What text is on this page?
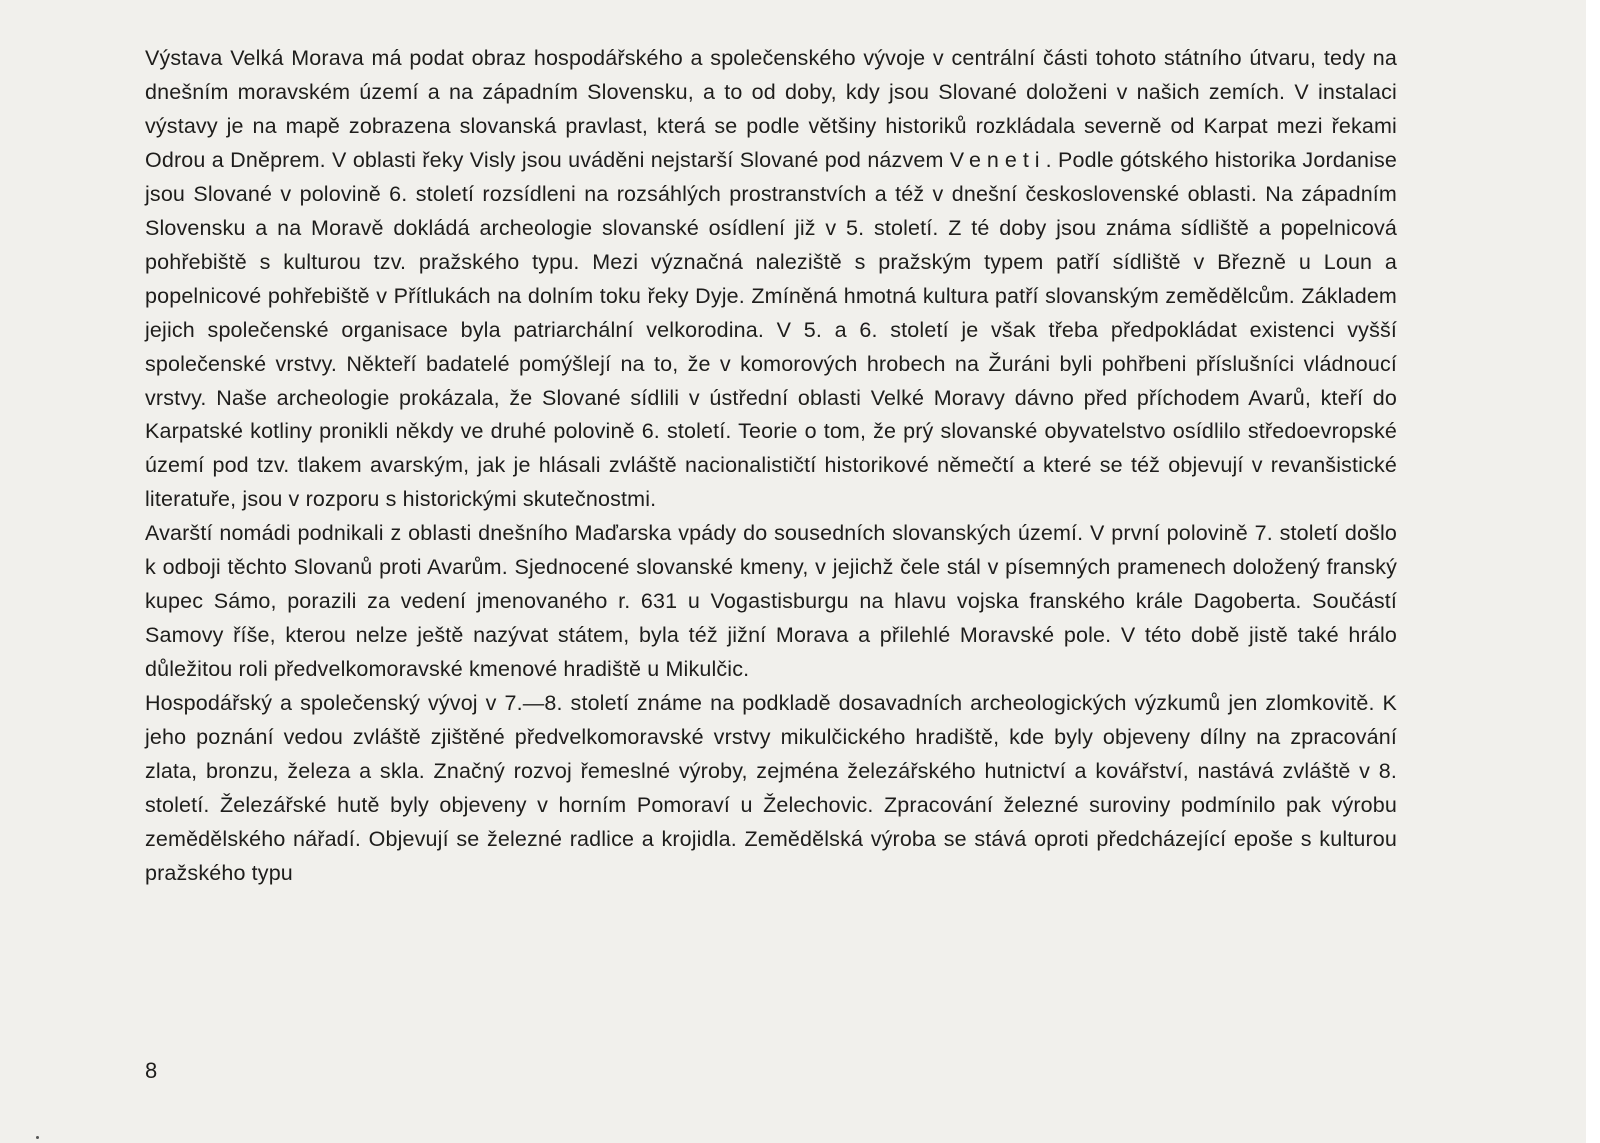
Výstava Velká Morava má podat obraz hospodářského a společenského vývoje v centrální části tohoto státního útvaru, tedy na dnešním moravském území a na západním Slovensku, a to od doby, kdy jsou Slované doloženi v našich zemích. V instalaci výstavy je na mapě zobrazena slovanská pravlast, která se podle většiny historiků rozkládala severně od Karpat mezi řekami Odrou a Dněprem. V oblasti řeky Visly jsou uváděni nejstarší Slované pod názvem Veneti. Podle gótského historika Jordanise jsou Slované v polovině 6. století rozsídleni na rozsáhlých prostranstvích a též v dnešní československé oblasti. Na západním Slovensku a na Moravě dokládá archeologie slovanské osídlení již v 5. století. Z té doby jsou známa sídliště a popelnicová pohřebiště s kulturou tzv. pražského typu. Mezi význačná naleziště s pražským typem patří sídliště v Březně u Loun a popelnicové pohřebiště v Přítlukách na dolním toku řeky Dyje. Zmíněná hmotná kultura patří slovanským zemědělcům. Základem jejich společenské organisace byla patriarchální velkorodina. V 5. a 6. století je však třeba předpokládat existenci vyšší společenské vrstvy. Někteří badatelé pomýšlejí na to, že v komorových hrobech na Žuráni byli pohřbeni příslušníci vládnoucí vrstvy. Naše archeologie prokázala, že Slované sídlili v ústřední oblasti Velké Moravy dávno před příchodem Avarů, kteří do Karpatské kotliny pronikli někdy ve druhé polovině 6. století. Teorie o tom, že prý slovanské obyvatelstvo osídlilo středoevropské území pod tzv. tlakem avarským, jak je hlásali zvláště nacionalističtí historikové němečtí a které se též objevují v revanšistické literatuře, jsou v rozporu s historickými skutečnostmi.

Avarští nomádi podnikali z oblasti dnešního Maďarska vpády do sousedních slovanských území. V první polovině 7. století došlo k odboji těchto Slovanů proti Avarům. Sjednocené slovanské kmeny, v jejichž čele stál v písemných pramenech doložený franský kupec Sámo, porazili za vedení jmenovaného r. 631 u Vogastisburgu na hlavu vojska franského krále Dagoberta. Součástí Samovy říše, kterou nelze ještě nazývat státem, byla též jižní Morava a přilehlé Moravské pole. V této době jistě také hrálo důležitou roli předvelkomoravské kmenové hradiště u Mikulčic.

Hospodářský a společenský vývoj v 7.—8. století známe na podkladě dosavadních archeologických výzkumů jen zlomkovitě. K jeho poznání vedou zvláště zjištěné předvelkomoravské vrstvy mikulčického hradiště, kde byly objeveny dílny na zpracování zlata, bronzu, železa a skla. Značný rozvoj řemeslné výroby, zejména železářského hutnictví a kovářství, nastává zvláště v 8. století. Železářské hutě byly objeveny v horním Pomoraví u Želechovic. Zpracování železné suroviny podmínilo pak výrobu zemědělského nářadí. Objevují se železné radlice a krojidla. Zemědělská výroba se stává oproti předcházející epoše s kulturou pražského typu

8
